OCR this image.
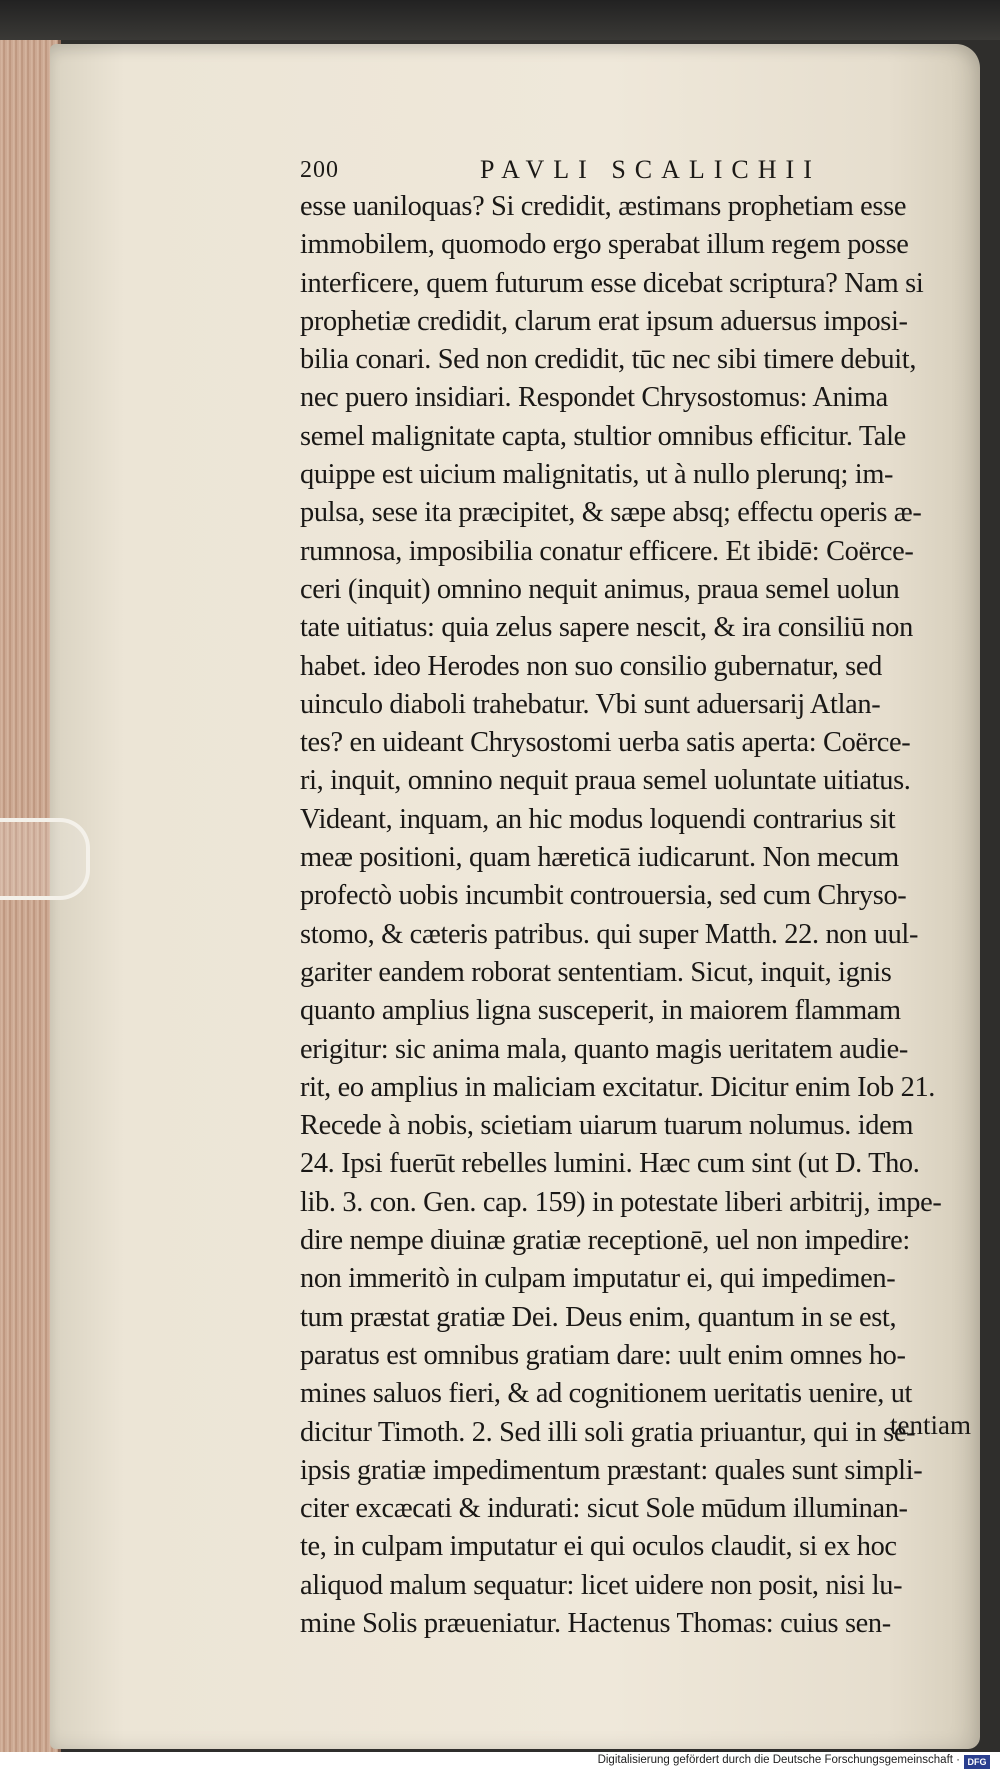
200	PAVLI SCALICHII
esse uaniloquas? Si credidit, æstimans prophetiam esse
immobilem, quomodo ergo sperabat illum regem posse
interficere, quem futurum esse dicebat scriptura? Nam si
prophetiæ credidit, clarum erat ipsum aduersus imposi-
bilia conari. Sed non credidit, tūc nec sibi timere debuit,
nec puero insidiari. Respondet Chrysostomus: Anima
semel malignitate capta, stultior omnibus efficitur. Tale
quippe est uicium malignitatis, ut à nullo plerunq; im-
pulsa, sese ita præcipitet, & sæpe absq; effectu operis æ-
rumnosa, imposibilia conatur efficere. Et ibidē: Coërce-
ceri (inquit) omnino nequit animus, praua semel uolun
tate uitiatus: quia zelus sapere nescit, & ira consiliū non
habet. ideo Herodes non suo consilio gubernatur, sed
uinculo diaboli trahebatur. Vbi sunt aduersarij Atlan-
tes? en uideant Chrysostomi uerba satis aperta: Coërce-
ri, inquit, omnino nequit praua semel uoluntate uitiatus.
Videant, inquam, an hic modus loquendi contrarius sit
meæ positioni, quam hæreticā iudicarunt. Non mecum
profectò uobis incumbit controuersia, sed cum Chryso-
stomo, & cæteris patribus. qui super Matth. 22. non uul-
gariter eandem roborat sententiam. Sicut, inquit, ignis
quanto amplius ligna susceperit, in maiorem flammam
erigitur: sic anima mala, quanto magis ueritatem audie-
rit, eo amplius in maliciam excitatur. Dicitur enim Iob 21.
Recede à nobis, scietiam uiarum tuarum nolumus. idem
24. Ipsi fuerūt rebelles lumini. Hæc cum sint (ut D. Tho.
lib. 3. con. Gen. cap. 159) in potestate liberi arbitrij, impe-
dire nempe diuinæ gratiæ receptionē, uel non impedire:
non immeritò in culpam imputatur ei, qui impedimen-
tum præstat gratiæ Dei. Deus enim, quantum in se est,
paratus est omnibus gratiam dare: uult enim omnes ho-
mines saluos fieri, & ad cognitionem ueritatis uenire, ut
dicitur Timoth. 2. Sed illi soli gratia priuantur, qui in se-
ipsis gratiæ impedimentum præstant: quales sunt simpli-
citer excæcati & indurati: sicut Sole mūdum illuminan-
te, in culpam imputatur ei qui oculos claudit, si ex hoc
aliquod malum sequatur: licet uidere non posit, nisi lu-
mine Solis præueniatur. Hactenus Thomas: cuius sen-
tentiam
Digitalisierung gefördert durch die Deutsche Forschungsgemeinschaft · DFG
